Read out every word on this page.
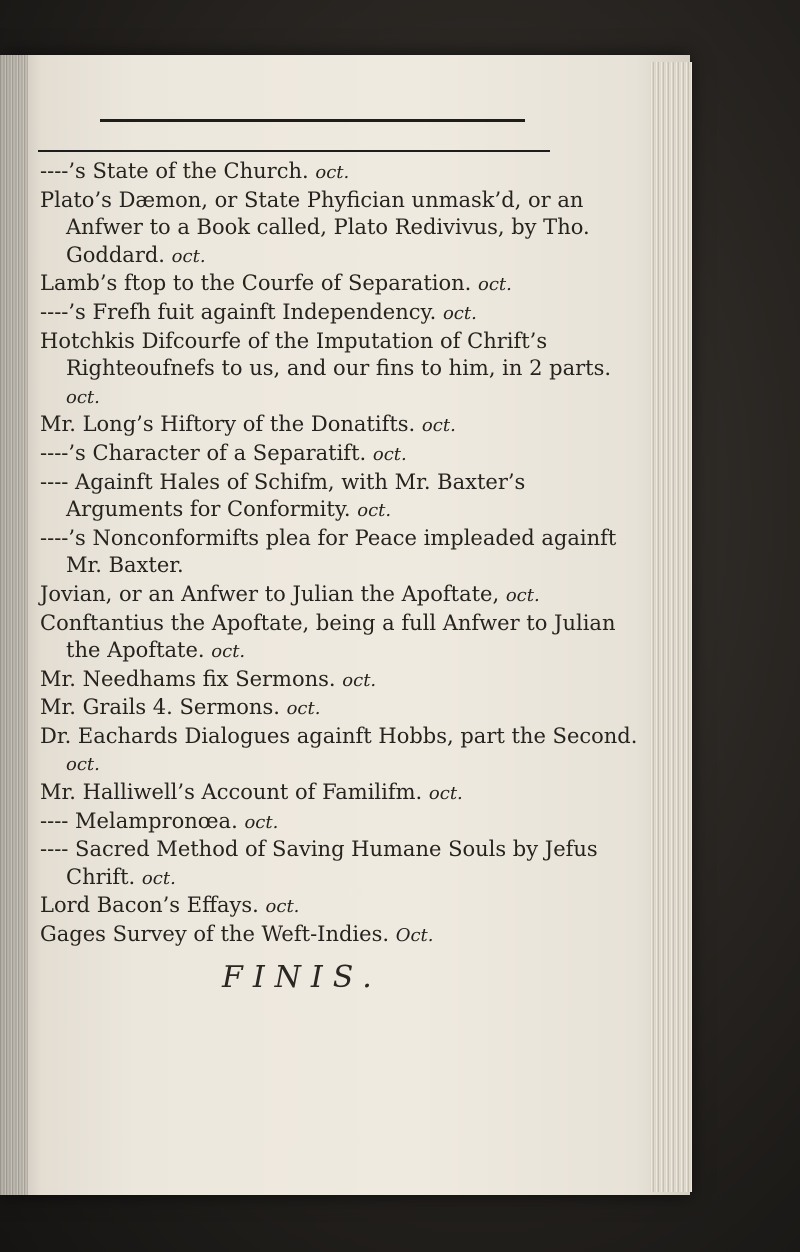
----’s State of the Church. oct.
Plato’s Dæmon, or State Phyfician unmask’d, or an Anfwer to a Book called, Plato Redivivus, by Tho. Goddard. oct.
Lamb’s ftop to the Courfe of Separation. oct.
----’s Frefh fuit againft Independency. oct.
Hotchkis Difcourfe of the Imputation of Chrift’s Righteoufnefs to us, and our fins to him, in 2 parts. oct.
Mr. Long’s Hiftory of the Donatifts. oct.
----’s Character of a Separatift. oct.
---- Againft Hales of Schifm, with Mr. Baxter’s Arguments for Conformity. oct.
----’s Nonconformifts plea for Peace impleaded againft Mr. Baxter.
Jovian, or an Anfwer to Julian the Apoftate, oct.
Conftantius the Apoftate, being a full Anfwer to Julian the Apoftate. oct.
Mr. Needhams fix Sermons. oct.
Mr. Grails 4. Sermons. oct.
Dr. Eachards Dialogues againft Hobbs, part the Second. oct.
Mr. Halliwell’s Account of Familifm. oct.
---- Melampronœa. oct.
---- Sacred Method of Saving Humane Souls by Jefus Chrift. oct.
Lord Bacon’s Effays. oct.
Gages Survey of the Weft-Indies. Oct.
FINIS.
